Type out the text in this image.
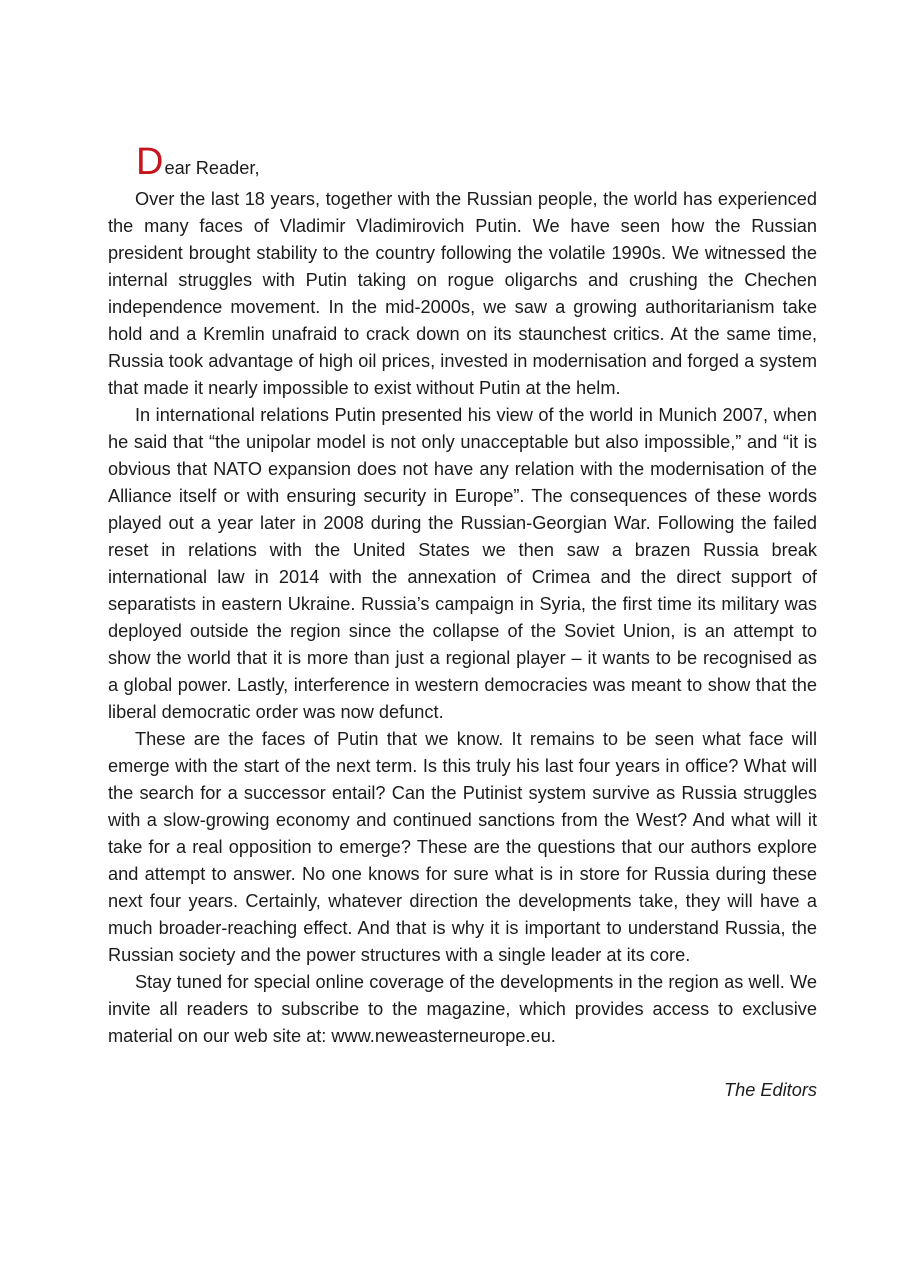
Dear Reader,

Over the last 18 years, together with the Russian people, the world has experienced the many faces of Vladimir Vladimirovich Putin. We have seen how the Russian president brought stability to the country following the volatile 1990s. We witnessed the internal struggles with Putin taking on rogue oligarchs and crushing the Chechen independence movement. In the mid-2000s, we saw a growing authoritarianism take hold and a Kremlin unafraid to crack down on its staunchest critics. At the same time, Russia took advantage of high oil prices, invested in modernisation and forged a system that made it nearly impossible to exist without Putin at the helm.

In international relations Putin presented his view of the world in Munich 2007, when he said that “the unipolar model is not only unacceptable but also impossible,” and “it is obvious that NATO expansion does not have any relation with the modernisation of the Alliance itself or with ensuring security in Europe”. The consequences of these words played out a year later in 2008 during the Russian-Georgian War. Following the failed reset in relations with the United States we then saw a brazen Russia break international law in 2014 with the annexation of Crimea and the direct support of separatists in eastern Ukraine. Russia’s campaign in Syria, the first time its military was deployed outside the region since the collapse of the Soviet Union, is an attempt to show the world that it is more than just a regional player – it wants to be recognised as a global power. Lastly, interference in western democracies was meant to show that the liberal democratic order was now defunct.

These are the faces of Putin that we know. It remains to be seen what face will emerge with the start of the next term. Is this truly his last four years in office? What will the search for a successor entail? Can the Putinist system survive as Russia struggles with a slow-growing economy and continued sanctions from the West? And what will it take for a real opposition to emerge? These are the questions that our authors explore and attempt to answer. No one knows for sure what is in store for Russia during these next four years. Certainly, whatever direction the developments take, they will have a much broader-reaching effect. And that is why it is important to understand Russia, the Russian society and the power structures with a single leader at its core.

Stay tuned for special online coverage of the developments in the region as well. We invite all readers to subscribe to the magazine, which provides access to exclusive material on our web site at: www.neweasterneurope.eu.

The Editors
